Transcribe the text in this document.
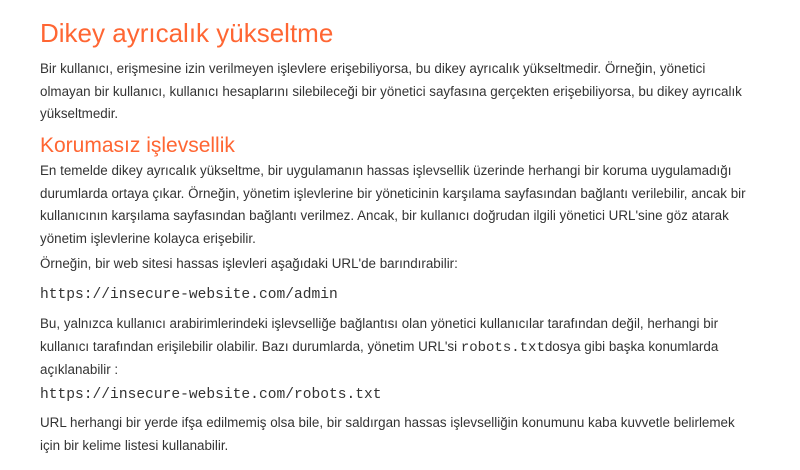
Dikey ayrıcalık yükseltme

Bir kullanıcı, erişmesine izin verilmeyen işlevlere erişebiliyorsa, bu dikey ayrıcalık yükseltmedir. Örneğin, yönetici olmayan bir kullanıcı, kullanıcı hesaplarını silebileceği bir yönetici sayfasına gerçekten erişebiliyorsa, bu dikey ayrıcalık yükseltmedir.

Korumasız işlevsellik

En temelde dikey ayrıcalık yükseltme, bir uygulamanın hassas işlevsellik üzerinde herhangi bir koruma uygulamadığı durumlarda ortaya çıkar. Örneğin, yönetim işlevlerine bir yöneticinin karşılama sayfasından bağlantı verilebilir, ancak bir kullanıcının karşılama sayfasından bağlantı verilmez. Ancak, bir kullanıcı doğrudan ilgili yönetici URL'sine göz atarak yönetim işlevlerine kolayca erişebilir.

Örneğin, bir web sitesi hassas işlevleri aşağıdaki URL'de barındırabilir:

https://insecure-website.com/admin

Bu, yalnızca kullanıcı arabirimlerindeki işlevselliğe bağlantısı olan yönetici kullanıcılar tarafından değil, herhangi bir kullanıcı tarafından erişilebilir olabilir. Bazı durumlarda, yönetim URL'si robots.txtdosya gibi başka konumlarda açıklanabilir :

https://insecure-website.com/robots.txt

URL herhangi bir yerde ifşa edilmemiş olsa bile, bir saldırgan hassas işlevselliğin konumunu kaba kuvvetle belirlemek için bir kelime listesi kullanabilir.
